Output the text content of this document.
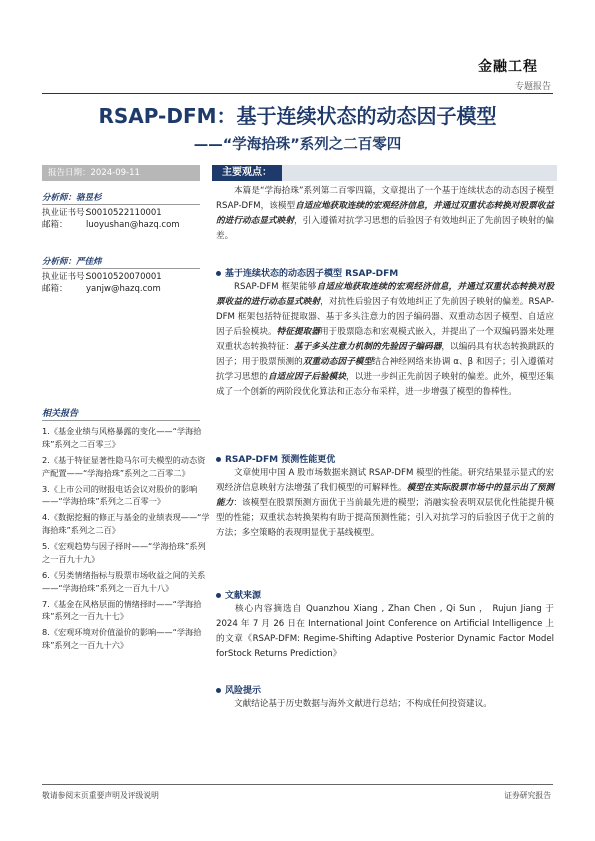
金融工程
专题报告
RSAP-DFM：基于连续状态的动态因子模型
——“学海拾珠”系列之二百零四
报告日期：2024-09-11
分析师：骆昱杉
执业证书号：S0010522110001
邮箱： luoyushan@hazq.com
分析师：严佳炜
执业证书号：S0010520070001
邮箱： yanjw@hazq.com
相关报告
1.《基金业绩与风格暴露的变化——“学海拾珠”系列之二百零三》
2.《基于特征显著性隐马尔可夫模型的动态资产配置——“学海拾珠”系列之二百零二》
3.《上市公司的财报电话会议对股价的影响——“学海拾珠”系列之二百零一》
4.《数据挖掘的修正与基金的业绩表现——“学海拾珠”系列之二百》
5.《宏观趋势与因子择时——“学海拾珠”系列之一百九十九》
6.《另类情绪指标与股票市场收益之间的关系——“学海拾珠”系列之一百九十八》
7.《基金在风格层面的情绪择时——“学海拾珠”系列之一百九十七》
8.《宏观环境对价值溢价的影响——“学海拾珠”系列之一百九十六》
主要观点：
本篇是“学海拾珠”系列第二百零四篇，文章提出了一个基于连续状态的动态因子模型 RSAP-DFM，该模型自适应地获取连续的宏观经济信息，并通过双重状态转换对股票收益的进行动态显式映射，引入遵循对抗学习思想的后验因子有效地纠正了先前因子映射的偏差。
基于连续状态的动态因子模型 RSAP-DFM
RSAP-DFM 框架能够自适应地获取连续的宏观经济信息，并通过双重状态转换对股票收益的进行动态显式映射，对抗性后验因子有效地纠正了先前因子映射的偏差。RSAP-DFM 框架包括特征提取器、基于多头注意力的因子编码器、双重动态因子模型、自适应因子后验模块。特征提取器用于股票隐态和宏观模式嵌入，并提出了一个双编码器来处理双重状态转换特征：基于多头注意力机制的先验因子编码器，以编码具有状态转换跳跃的因子；用于股票预测的双重动态因子模型结合神经网络来协调 α、β 和因子；引入遵循对抗学习思想的自适应因子后验模块，以进一步纠正先前因子映射的偏差。此外，模型还集成了一个创新的两阶段优化算法和正态分布采样，进一步增强了模型的鲁棒性。
RSAP-DFM 预测性能更优
文章使用中国 A 股市场数据来测试 RSAP-DFM 模型的性能。研究结果显示显式的宏观经济信息映射方法增强了我们模型的可解释性。模型在实际股票市场中的显示出了预测能力：该模型在股票预测方面优于当前最先进的模型；消融实验表明双层优化性能提升模型的性能；双重状态转换架构有助于提高预测性能；引入对抗学习的后验因子优于之前的方法；多空策略的表现明显优于基线模型。
文献来源
核心内容摘选自 Quanzhou Xiang , Zhan Chen , Qi Sun ， Rujun Jiang 于 2024 年 7 月 26 日在 International Joint Conference on Artificial Intelligence 上的文章《RSAP-DFM: Regime-Shifting Adaptive Posterior Dynamic Factor Model forStock Returns Prediction》
风险提示
文献结论基于历史数据与海外文献进行总结；不构成任何投资建议。
敬请参阅末页重要声明及评级说明	证券研究报告
